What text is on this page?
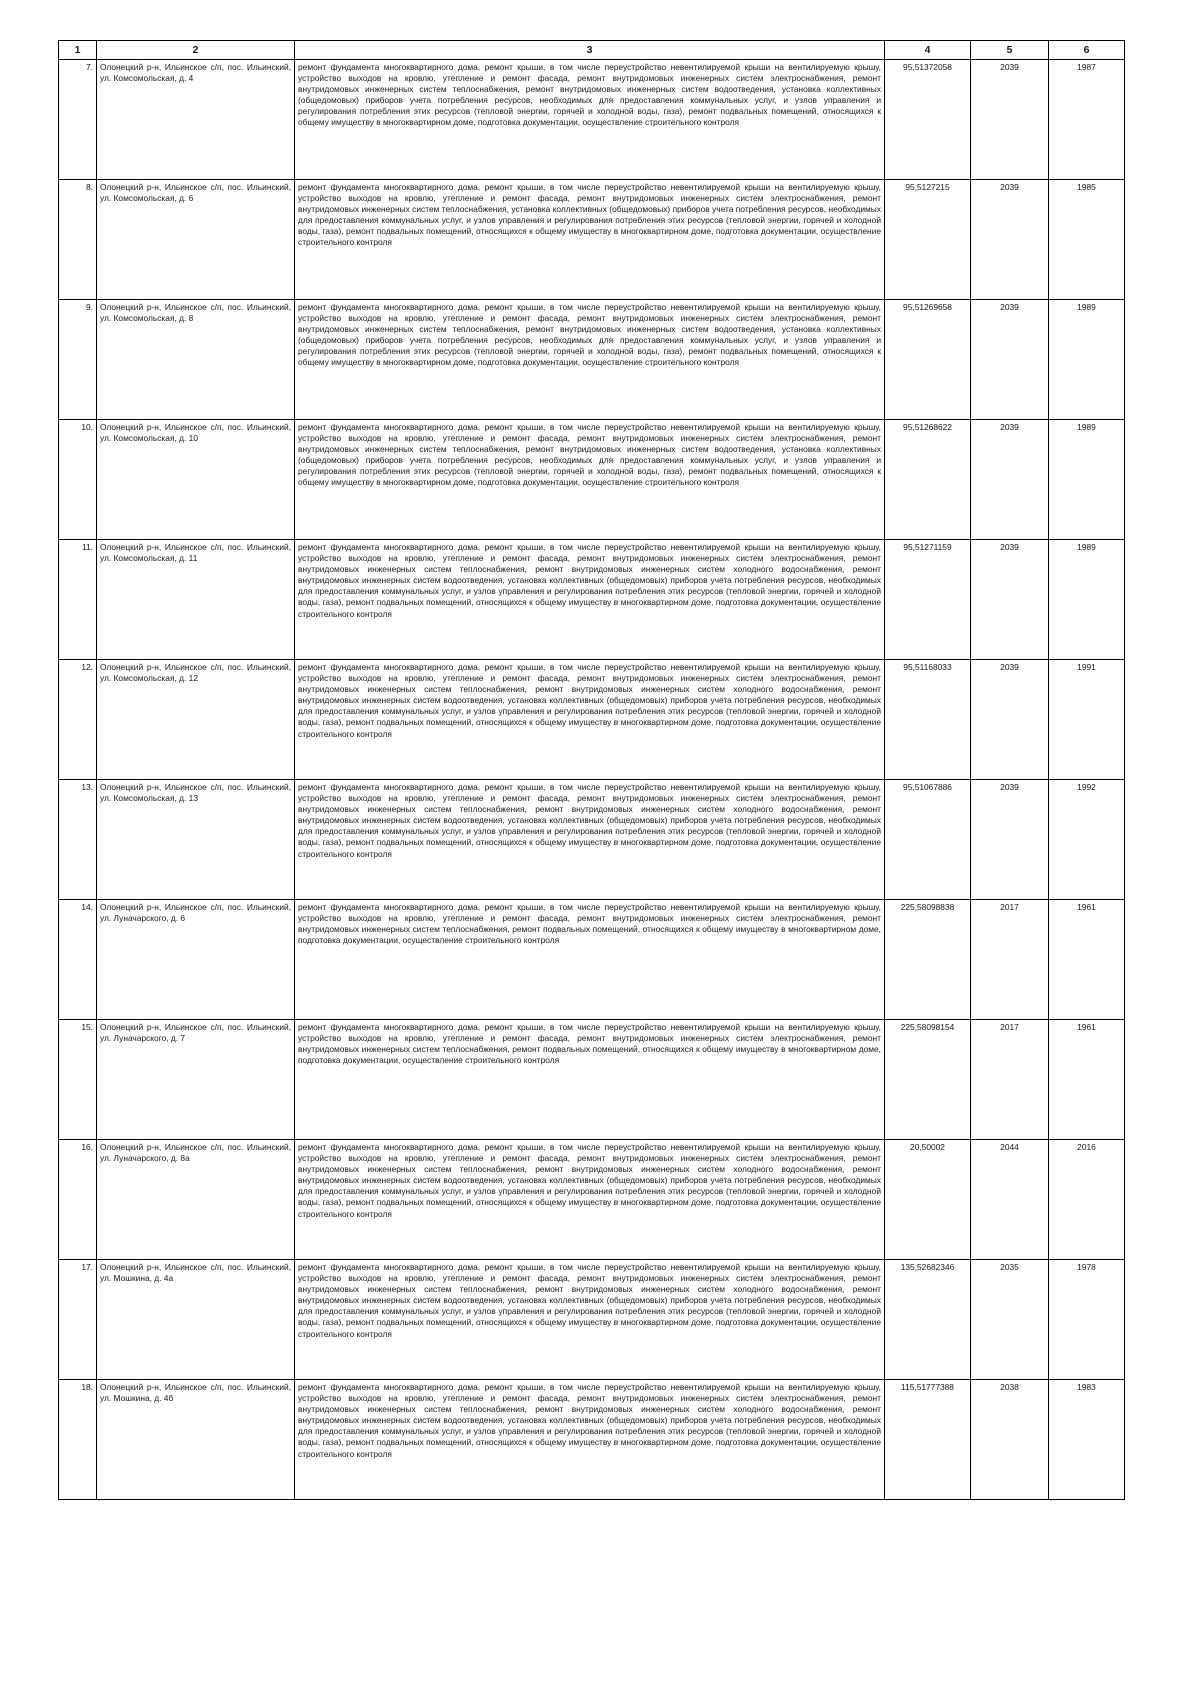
1	2	3	4	5	6
7.	Олонецкий р-н, Ильинское с/п, пос. Ильинский, ул. Комсомольская, д. 4	ремонт фундамента многоквартирного дома, ремонт крыши, в том числе переустройство невентилируемой крыши на вентилируемую крышу, устройство выходов на кровлю, утепление и ремонт фасада, ремонт внутридомовых инженерных систем электроснабжения, ремонт внутридомовых инженерных систем теплоснабжения, ремонт внутридомовых инженерных систем водоотведения, установка коллективных (общедомовых) приборов учета потребления ресурсов, необходимых для предоставления коммунальных услуг, и узлов управления и регулирования потребления этих ресурсов (тепловой энергии, горячей и холодной воды, газа), ремонт подвальных помещений, относящихся к общему имуществу в многоквартирном доме, подготовка документации, осуществление строительного контроля	95,51372058	2039	1987
8.	Олонецкий р-н, Ильинское с/п, пос. Ильинский, ул. Комсомольская, д. 6	ремонт фундамента многоквартирного дома, ремонт крыши, в том числе переустройство невентилируемой крыши на вентилируемую крышу, устройство выходов на кровлю, утепление и ремонт фасада, ремонт внутридомовых инженерных систем электроснабжения, ремонт внутридомовых инженерных систем теплоснабжения, установка коллективных (общедомовых) приборов учета потребления ресурсов, необходимых для предоставления коммунальных услуг, и узлов управления и регулирования потребления этих ресурсов (тепловой энергии, горячей и холодной воды, газа), ремонт подвальных помещений, относящихся к общему имуществу в многоквартирном доме, подготовка документации, осуществление строительного контроля	95,5127215	2039	1985
9.	Олонецкий р-н, Ильинское с/п, пос. Ильинский, ул. Комсомольская, д. 8	ремонт фундамента многоквартирного дома, ремонт крыши, в том числе переустройство невентилируемой крыши на вентилируемую крышу, устройство выходов на кровлю, утепление и ремонт фасада, ремонт внутридомовых инженерных систем электроснабжения, ремонт внутридомовых инженерных систем теплоснабжения, ремонт внутридомовых инженерных систем водоотведения, установка коллективных (общедомовых) приборов учета потребления ресурсов, необходимых для предоставления коммунальных услуг, и узлов управления и регулирования потребления этих ресурсов (тепловой энергии, горячей и холодной воды, газа), ремонт подвальных помещений, относящихся к общему имуществу в многоквартирном доме, подготовка документации, осуществление строительного контроля	95,51269658	2039	1989
10.	Олонецкий р-н, Ильинское с/п, пос. Ильинский, ул. Комсомольская, д. 10	ремонт фундамента многоквартирного дома, ремонт крыши, в том числе переустройство невентилируемой крыши на вентилируемую крышу, устройство выходов на кровлю, утепление и ремонт фасада, ремонт внутридомовых инженерных систем электроснабжения, ремонт внутридомовых инженерных систем теплоснабжения, ремонт внутридомовых инженерных систем водоотведения, установка коллективных (общедомовых) приборов учета потребления ресурсов, необходимых для предоставления коммунальных услуг, и узлов управления и регулирования потребления этих ресурсов (тепловой энергии, горячей и холодной воды, газа), ремонт подвальных помещений, относящихся к общему имуществу в многоквартирном доме, подготовка документации, осуществление строительного контроля	95,51268622	2039	1989
11.	Олонецкий р-н, Ильинское с/п, пос. Ильинский, ул. Комсомольская, д. 11	ремонт фундамента многоквартирного дома, ремонт крыши, в том числе переустройство невентилируемой крыши на вентилируемую крышу, устройство выходов на кровлю, утепление и ремонт фасада, ремонт внутридомовых инженерных систем электроснабжения, ремонт внутридомовых инженерных систем теплоснабжения, ремонт внутридомовых инженерных систем холодного водоснабжения, ремонт внутридомовых инженерных систем водоотведения, установка коллективных (общедомовых) приборов учета потребления ресурсов, необходимых для предоставления коммунальных услуг, и узлов управления и регулирования потребления этих ресурсов (тепловой энергии, горячей и холодной воды, газа), ремонт подвальных помещений, относящихся к общему имуществу в многоквартирном доме, подготовка документации, осуществление строительного контроля	95,51271159	2039	1989
12.	Олонецкий р-н, Ильинское с/п, пос. Ильинский, ул. Комсомольская, д. 12	ремонт фундамента многоквартирного дома, ремонт крыши, в том числе переустройство невентилируемой крыши на вентилируемую крышу, устройство выходов на кровлю, утепление и ремонт фасада, ремонт внутридомовых инженерных систем электроснабжения, ремонт внутридомовых инженерных систем теплоснабжения, ремонт внутридомовых инженерных систем холодного водоснабжения, ремонт внутридомовых инженерных систем водоотведения, установка коллективных (общедомовых) приборов учета потребления ресурсов, необходимых для предоставления коммунальных услуг, и узлов управления и регулирования потребления этих ресурсов (тепловой энергии, горячей и холодной воды, газа), ремонт подвальных помещений, относящихся к общему имуществу в многоквартирном доме, подготовка документации, осуществление строительного контроля	95,51168033	2039	1991
13.	Олонецкий р-н, Ильинское с/п, пос. Ильинский, ул. Комсомольская, д. 13	ремонт фундамента многоквартирного дома, ремонт крыши, в том числе переустройство невентилируемой крыши на вентилируемую крышу, устройство выходов на кровлю, утепление и ремонт фасада, ремонт внутридомовых инженерных систем электроснабжения, ремонт внутридомовых инженерных систем теплоснабжения, ремонт внутридомовых инженерных систем холодного водоснабжения, ремонт внутридомовых инженерных систем водоотведения, установка коллективных (общедомовых) приборов учета потребления ресурсов, необходимых для предоставления коммунальных услуг, и узлов управления и регулирования потребления этих ресурсов (тепловой энергии, горячей и холодной воды, газа), ремонт подвальных помещений, относящихся к общему имуществу в многоквартирном доме, подготовка документации, осуществление строительного контроля	95,51067886	2039	1992
14.	Олонецкий р-н, Ильинское с/п, пос. Ильинский, ул. Луначарского, д. 6	ремонт фундамента многоквартирного дома, ремонт крыши, в том числе переустройство невентилируемой крыши на вентилируемую крышу, устройство выходов на кровлю, утепление и ремонт фасада, ремонт внутридомовых инженерных систем электроснабжения, ремонт внутридомовых инженерных систем теплоснабжения, ремонт подвальных помещений, относящихся к общему имуществу в многоквартирном доме, подготовка документации, осуществление строительного контроля	225,58098838	2017	1961
15.	Олонецкий р-н, Ильинское с/п, пос. Ильинский, ул. Луначарского, д. 7	ремонт фундамента многоквартирного дома, ремонт крыши, в том числе переустройство невентилируемой крыши на вентилируемую крышу, устройство выходов на кровлю, утепление и ремонт фасада, ремонт внутридомовых инженерных систем электроснабжения, ремонт внутридомовых инженерных систем теплоснабжения, ремонт подвальных помещений, относящихся к общему имуществу в многоквартирном доме, подготовка документации, осуществление строительного контроля	225,58098154	2017	1961
16.	Олонецкий р-н, Ильинское с/п, пос. Ильинский, ул. Луначарского, д. 8а	ремонт фундамента многоквартирного дома, ремонт крыши, в том числе переустройство невентилируемой крыши на вентилируемую крышу, устройство выходов на кровлю, утепление и ремонт фасада, ремонт внутридомовых инженерных систем электроснабжения, ремонт внутридомовых инженерных систем теплоснабжения, ремонт внутридомовых инженерных систем холодного водоснабжения, ремонт внутридомовых инженерных систем водоотведения, установка коллективных (общедомовых) приборов учета потребления ресурсов, необходимых для предоставления коммунальных услуг, и узлов управления и регулирования потребления этих ресурсов (тепловой энергии, горячей и холодной воды, газа), ремонт подвальных помещений, относящихся к общему имуществу в многоквартирном доме, подготовка документации, осуществление строительного контроля	20,50002	2044	2016
17.	Олонецкий р-н, Ильинское с/п, пос. Ильинский, ул. Мошкина, д. 4а	ремонт фундамента многоквартирного дома, ремонт крыши, в том числе переустройство невентилируемой крыши на вентилируемую крышу, устройство выходов на кровлю, утепление и ремонт фасада, ремонт внутридомовых инженерных систем электроснабжения, ремонт внутридомовых инженерных систем теплоснабжения, ремонт внутридомовых инженерных систем холодного водоснабжения, ремонт внутридомовых инженерных систем водоотведения, установка коллективных (общедомовых) приборов учета потребления ресурсов, необходимых для предоставления коммунальных услуг, и узлов управления и регулирования потребления этих ресурсов (тепловой энергии, горячей и холодной воды, газа), ремонт подвальных помещений, относящихся к общему имуществу в многоквартирном доме, подготовка документации, осуществление строительного контроля	135,52682346	2035	1978
18.	Олонецкий р-н, Ильинское с/п, пос. Ильинский, ул. Мошкина, д. 4б	ремонт фундамента многоквартирного дома, ремонт крыши, в том числе переустройство невентилируемой крыши на вентилируемую крышу, устройство выходов на кровлю, утепление и ремонт фасада, ремонт внутридомовых инженерных систем электроснабжения, ремонт внутридомовых инженерных систем теплоснабжения, ремонт внутридомовых инженерных систем холодного водоснабжения, ремонт внутридомовых инженерных систем водоотведения, установка коллективных (общедомовых) приборов учета потребления ресурсов, необходимых для предоставления коммунальных услуг, и узлов управления и регулирования потребления этих ресурсов (тепловой энергии, горячей и холодной воды, газа), ремонт подвальных помещений, относящихся к общему имуществу в многоквартирном доме, подготовка документации, осуществление строительного контроля	115,51777388	2038	1983
